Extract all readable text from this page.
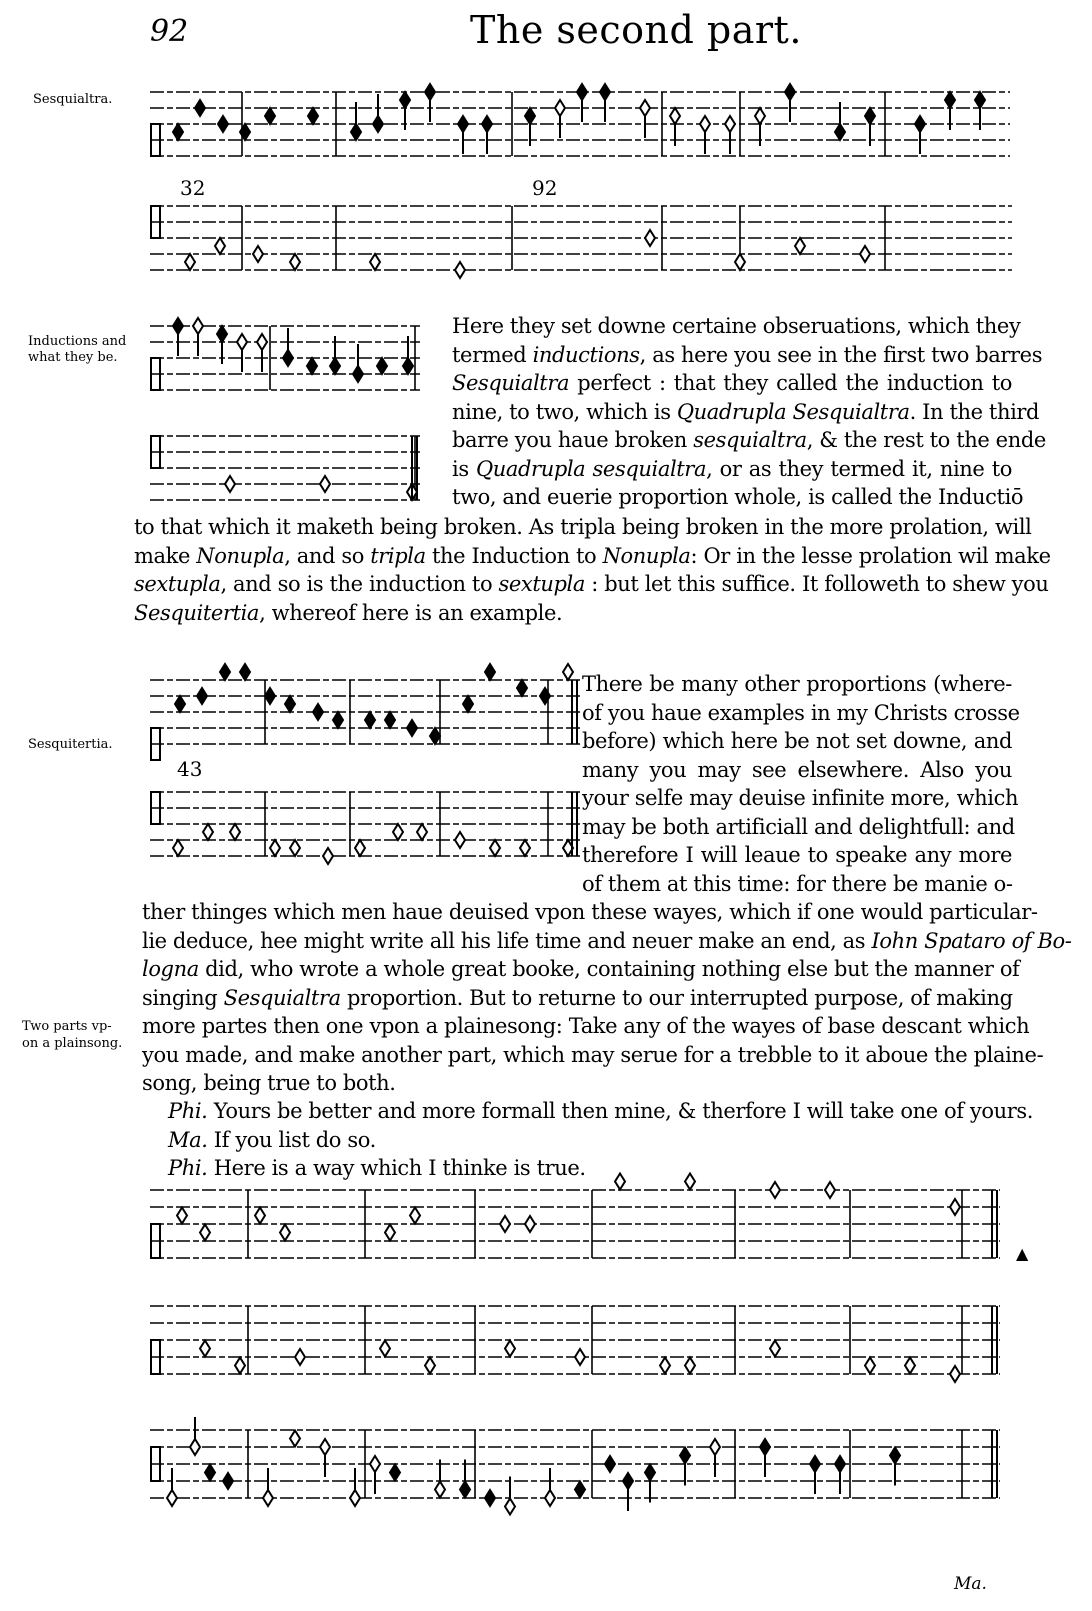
92	The second part.
Sesquialtra.
Inductions and
what they be.
Sesquitertia.
Two parts vp-
on a plainsong.
32	92
43
Here they set downe certaine obseruations, which they
termed inductions, as here you see in the first two barres
Sesquialtra perfect : that they called the induction to
nine, to two, which is Quadrupla Sesquialtra. In the third
barre you haue broken sesquialtra, & the rest to the ende
is Quadrupla sesquialtra, or as they termed it, nine to
two, and euerie proportion whole, is called the Inductiō
to that which it maketh being broken. As tripla being broken in the more prolation, will
make Nonupla, and so tripla the Induction to Nonupla: Or in the lesse prolation wil make
sextupla, and so is the induction to sextupla : but let this suffice. It followeth to shew you
Sesquitertia, whereof here is an example.
There be many other proportions (where-
of you haue examples in my Christs crosse
before) which here be not set downe, and
many you may see elsewhere. Also you
your selfe may deuise infinite more, which
may be both artificiall and delightfull: and
therefore I will leaue to speake any more
of them at this time: for there be manie o-
ther thinges which men haue deuised vpon these wayes, which if one would particular-
lie deduce, hee might write all his life time and neuer make an end, as Iohn Spataro of Bo-
logna did, who wrote a whole great booke, containing nothing else but the manner of
singing Sesquialtra proportion. But to returne to our interrupted purpose, of making
more partes then one vpon a plainesong: Take any of the wayes of base descant which
you made, and make another part, which may serue for a trebble to it aboue the plaine-
song, being true to both.
Phi. Yours be better and more formall then mine, & therfore I will take one of yours.
Ma. If you list do so.
Phi. Here is a way which I thinke is true.
Ma.
▲
